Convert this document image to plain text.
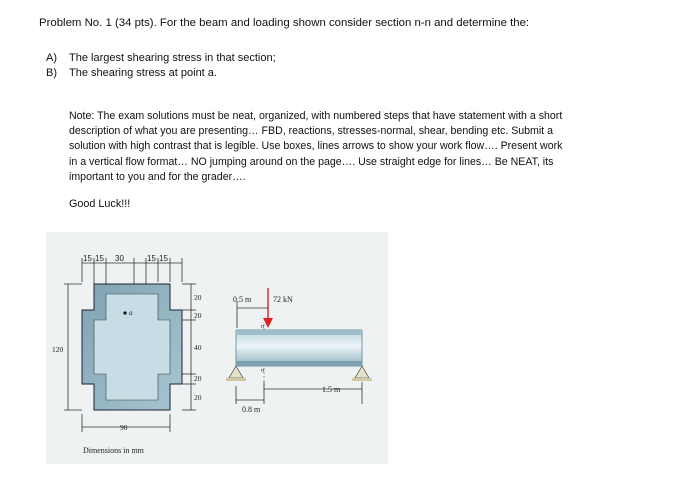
Problem No. 1 (34 pts). For the beam and loading shown consider section n-n and determine the:
A)	The largest shearing stress in that section;
B)	The shearing stress at point a.
Note: The exam solutions must be neat, organized, with numbered steps that have statement with a short description of what you are presenting… FBD, reactions, stresses-normal, shear, bending etc. Submit a solution with high contrast that is legible. Use boxes, lines arrows to show your work flow…. Present work in a vertical flow format… NO jumping around on the page…. Use straight edge for lines… Be NEAT, its important to you and for the grader….
Good Luck!!!
a
15 15 30	15 15
20
20
40
20
20
120
90
Dimensions in mm
0.5 m	72 kN
n
n
0.8 m
1.5 m
